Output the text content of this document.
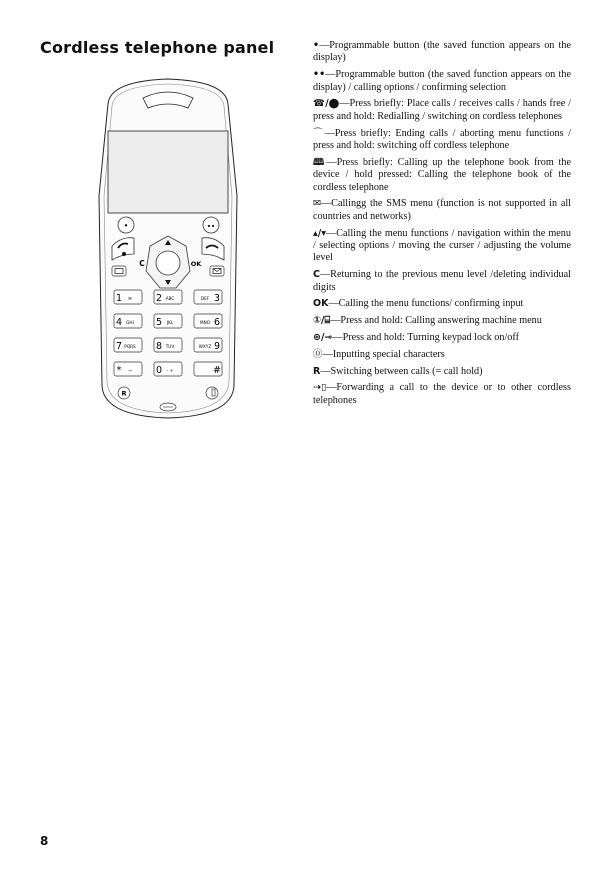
Cordless telephone panel
•	••
C	OK
1 ✉	2 ABC	3
DEF
4 GHI 5 JKL	6
MNO
7 PQRS 8 TUV	9
WXYZ
* ⊸	0 - +	#
R
•—Programmable button (the saved function appears on the display)
••—Programmable button (the saved function appears on the display) / calling options / confirming selection
☎/⬤—Press briefly: Place calls / receives calls / hands free / press and hold: Redialling / switching on cordless telephones
⌒—Press briefly: Ending calls / aborting menu functions / press and hold: switching off cordless telephone
🕮—Press briefly: Calling up the telephone book from the device / hold pressed: Calling the telephone book of the cordless telephone
✉—Callingg the SMS menu (function is not supported in all countries and networks)
▴/▾—Calling the menu functions / navigation within the menu / selecting options / moving the curser / adjusting the volume level
C—Returning to the previous menu level /deleting individual digits
OK—Calling the menu functions/ confirming input
①/⌸—Press and hold: Calling answering machine menu
⊛/⊸—Press and hold: Turning keypad lock on/off
⓪—Inputting special characters
R—Switching between calls (= call hold)
⇢▯—Forwarding a call to the device or to other cordless telephones
8
